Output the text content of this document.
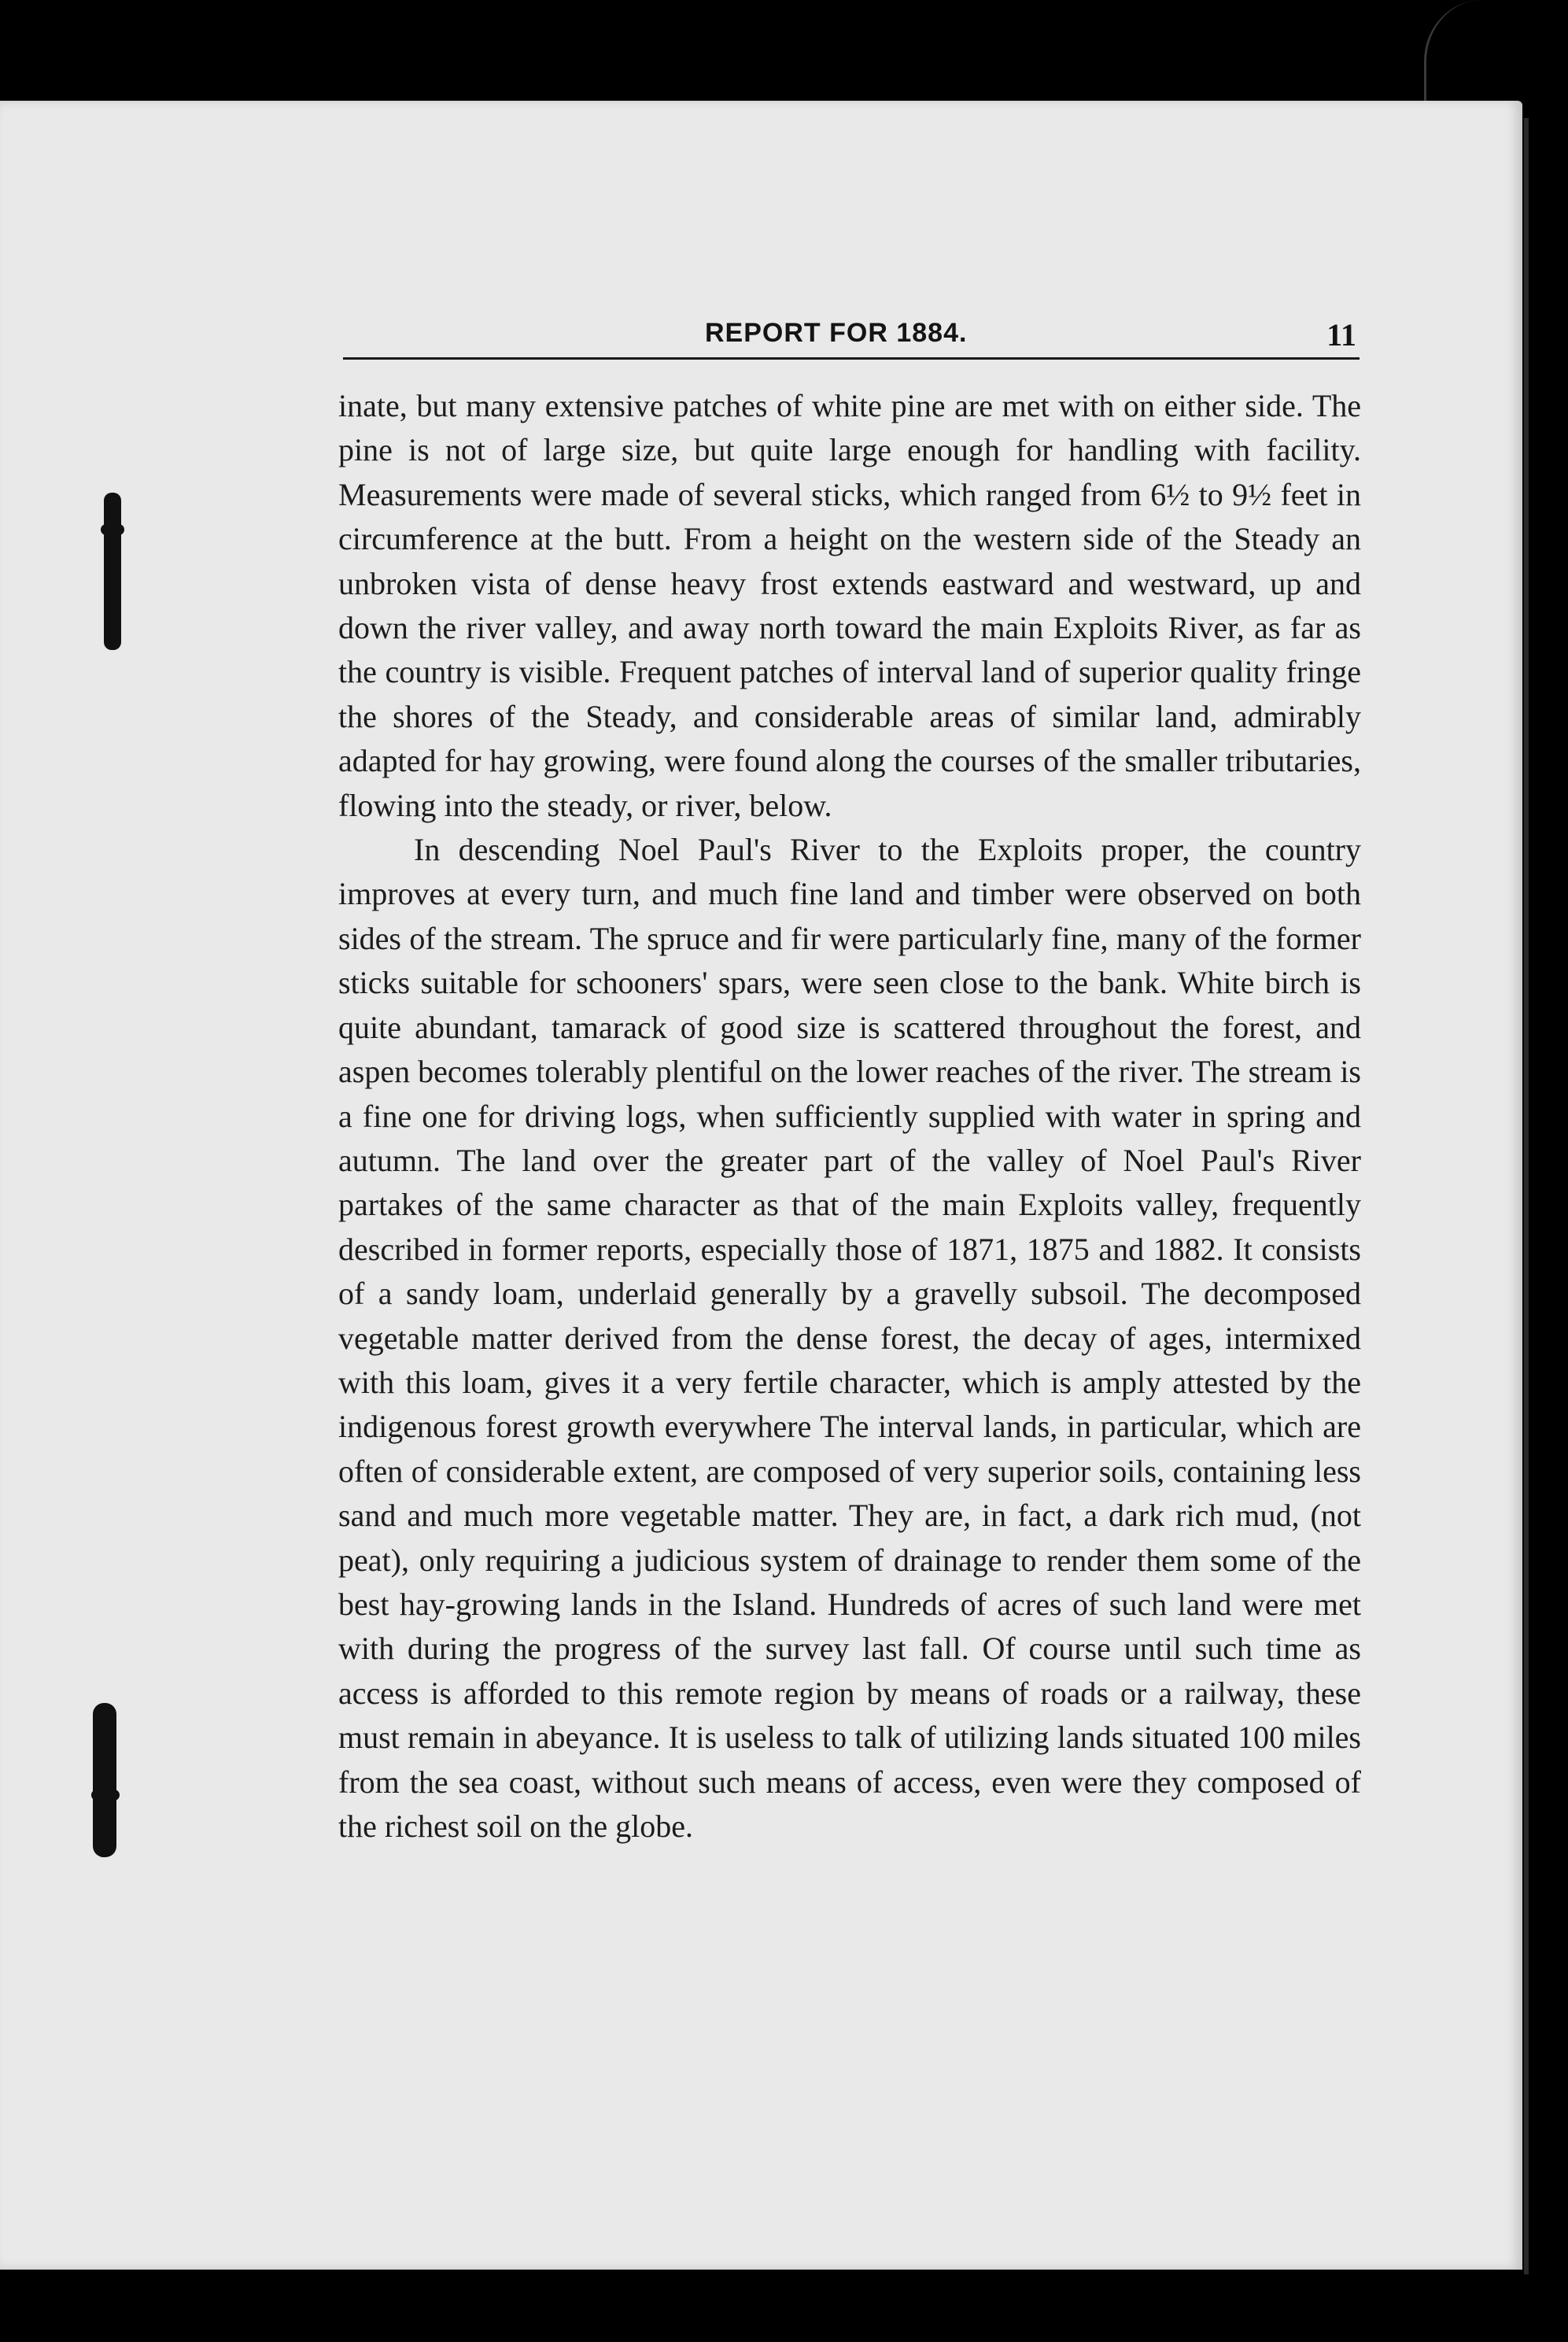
REPORT FOR 1884.	11

inate, but many extensive patches of white pine are met with on either side. The pine is not of large size, but quite large enough for handling with facility. Measurements were made of several sticks, which ranged from 6½ to 9½ feet in circumference at the butt. From a height on the western side of the Steady an unbroken vista of dense heavy frost extends eastward and westward, up and down the river valley, and away north toward the main Exploits River, as far as the country is visible. Frequent patches of interval land of superior quality fringe the shores of the Steady, and considerable areas of similar land, admirably adapted for hay growing, were found along the courses of the smaller tributaries, flowing into the steady, or river, below.

In descending Noel Paul's River to the Exploits proper, the country improves at every turn, and much fine land and timber were observed on both sides of the stream. The spruce and fir were particularly fine, many of the former sticks suitable for schooners' spars, were seen close to the bank. White birch is quite abundant, tamarack of good size is scattered throughout the forest, and aspen becomes tolerably plentiful on the lower reaches of the river. The stream is a fine one for driving logs, when sufficiently supplied with water in spring and autumn. The land over the greater part of the valley of Noel Paul's River partakes of the same character as that of the main Exploits valley, frequently described in former reports, especially those of 1871, 1875 and 1882. It consists of a sandy loam, underlaid generally by a gravelly subsoil. The decomposed vegetable matter derived from the dense forest, the decay of ages, intermixed with this loam, gives it a very fertile character, which is amply attested by the indigenous forest growth everywhere The interval lands, in particular, which are often of considerable extent, are composed of very superior soils, containing less sand and much more vegetable matter. They are, in fact, a dark rich mud, (not peat), only requiring a judicious system of drainage to render them some of the best hay-growing lands in the Island. Hundreds of acres of such land were met with during the progress of the survey last fall. Of course until such time as access is afforded to this remote region by means of roads or a railway, these must remain in abeyance. It is useless to talk of utilizing lands situated 100 miles from the sea coast, without such means of access, even were they composed of the richest soil on the globe.
